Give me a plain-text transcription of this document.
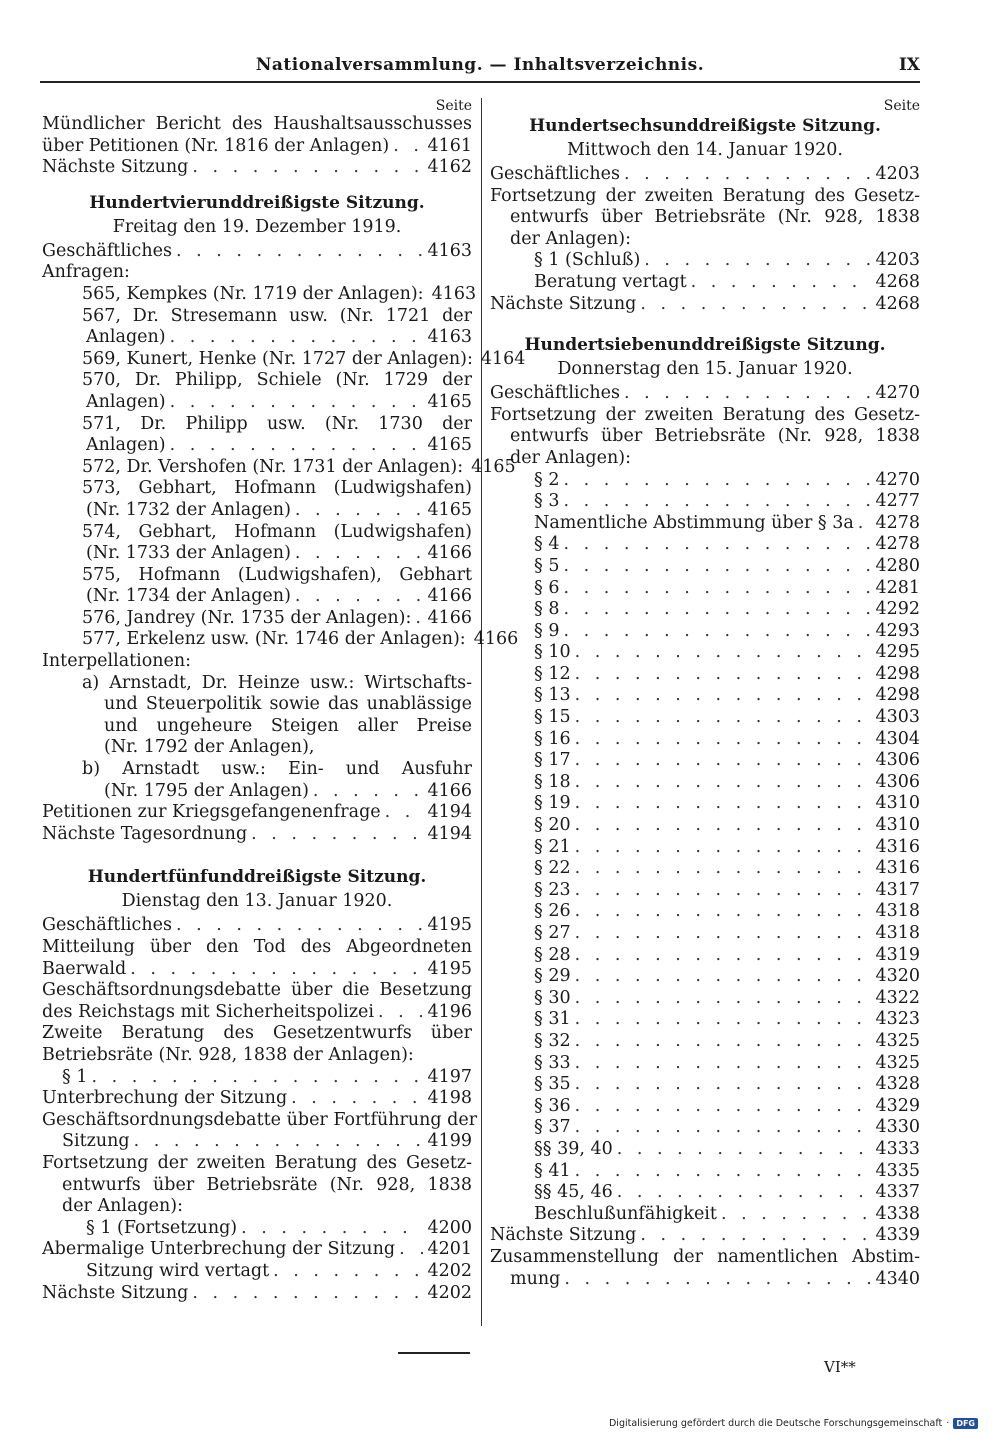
Nationalversammlung. — Inhaltsverzeichnis.	IX
Seite
Mündlicher Bericht des Haushaltsausschusses
über Petitionen (Nr. 1816 der Anlagen) . . . 4161
Nächste Sitzung . . .	4162
Hundertvierunddreißigste Sitzung.
Freitag den 19. Dezember 1919.
Geschäftliches . . .	4163
Anfragen:
565, Kempkes (Nr. 1719 der Anlagen): 4163
567, Dr. Stresemann usw. (Nr. 1721 der
Anlagen) . . .	4163
569, Kunert, Henke (Nr. 1727 der Anlagen): 4164
570, Dr. Philipp, Schiele (Nr. 1729 der
Anlagen) . . .	4165
571, Dr. Philipp usw. (Nr. 1730 der
Anlagen) . . .	4165
572, Dr. Vershofen (Nr. 1731 der Anlagen): 4165
573, Gebhart, Hofmann (Ludwigshafen)
(Nr. 1732 der Anlagen) . . .	4165
574, Gebhart, Hofmann (Ludwigshafen)
(Nr. 1733 der Anlagen) . . .	4166
575, Hofmann (Ludwigshafen), Gebhart
(Nr. 1734 der Anlagen) . . .	4166
576, Jandrey (Nr. 1735 der Anlagen): . . . 4166
577, Erkelenz usw. (Nr. 1746 der Anlagen): 4166
Interpellationen:
a) Arnstadt, Dr. Heinze usw.: Wirtschafts-
und Steuerpolitik sowie das unablässige
und ungeheure Steigen aller Preise
(Nr. 1792 der Anlagen),
b) Arnstadt usw.: Ein- und Ausfuhr
(Nr. 1795 der Anlagen) . . .	4166
Petitionen zur Kriegsgefangenenfrage . . .	4194
Nächste Tagesordnung . . .	4194
Hundertfünfunddreißigste Sitzung.
Dienstag den 13. Januar 1920.
Geschäftliches . . .	4195
Mitteilung über den Tod des Abgeordneten
Baerwald . . .	4195
Geschäftsordnungsdebatte über die Besetzung
des Reichstags mit Sicherheitspolizei . . .	4196
Zweite Beratung des Gesetzentwurfs über
Betriebsräte (Nr. 928, 1838 der Anlagen):
§ 1 . . .	4197
Unterbrechung der Sitzung . . .	4198
Geschäftsordnungsdebatte über Fortführung der
Sitzung . . .	4199
Fortsetzung der zweiten Beratung des Gesetz-
entwurfs über Betriebsräte (Nr. 928, 1838
der Anlagen):
§ 1 (Fortsetzung) . . .	4200
Abermalige Unterbrechung der Sitzung . . . 4201
Sitzung wird vertagt . . .	4202
Nächste Sitzung . . .	4202
Seite
Hundertsechsunddreißigste Sitzung.
Mittwoch den 14. Januar 1920.
Geschäftliches . . .	4203
Fortsetzung der zweiten Beratung des Gesetz-
entwurfs über Betriebsräte (Nr. 928, 1838
der Anlagen):
§ 1 (Schluß) . . .	4203
Beratung vertagt . . .	4268
Nächste Sitzung . . .	4268
Hundertsiebenunddreißigste Sitzung.
Donnerstag den 15. Januar 1920.
Geschäftliches . . .	4270
Fortsetzung der zweiten Beratung des Gesetz-
entwurfs über Betriebsräte (Nr. 928, 1838
der Anlagen):
§ 2 . . .	4270
§ 3 . . .	4277
Namentliche Abstimmung über § 3a . . . 4278
§ 4 . . .	4278
§ 5 . . .	4280
§ 6 . . .	4281
§ 8 . . .	4292
§ 9 . . .	4293
§ 10 . . .	4295
§ 12 . . .	4298
§ 13 . . .	4298
§ 15 . . .	4303
§ 16 . . .	4304
§ 17 . . .	4306
§ 18 . . .	4306
§ 19 . . .	4310
§ 20 . . .	4310
§ 21 . . .	4316
§ 22 . . .	4316
§ 23 . . .	4317
§ 26 . . .	4318
§ 27 . . .	4318
§ 28 . . .	4319
§ 29 . . .	4320
§ 30 . . .	4322
§ 31 . . .	4323
§ 32 . . .	4325
§ 33 . . .	4325
§ 35 . . .	4328
§ 36 . . .	4329
§ 37 . . .	4330
§§ 39, 40 . . .	4333
§ 41 . . .	4335
§§ 45, 46 . . .	4337
Beschlußunfähigkeit . . .	4338
Nächste Sitzung . . .	4339
Zusammenstellung der namentlichen Abstim-
mung . . .	4340
VI**
Digitalisierung gefördert durch die Deutsche Forschungsgemeinschaft · DFG
